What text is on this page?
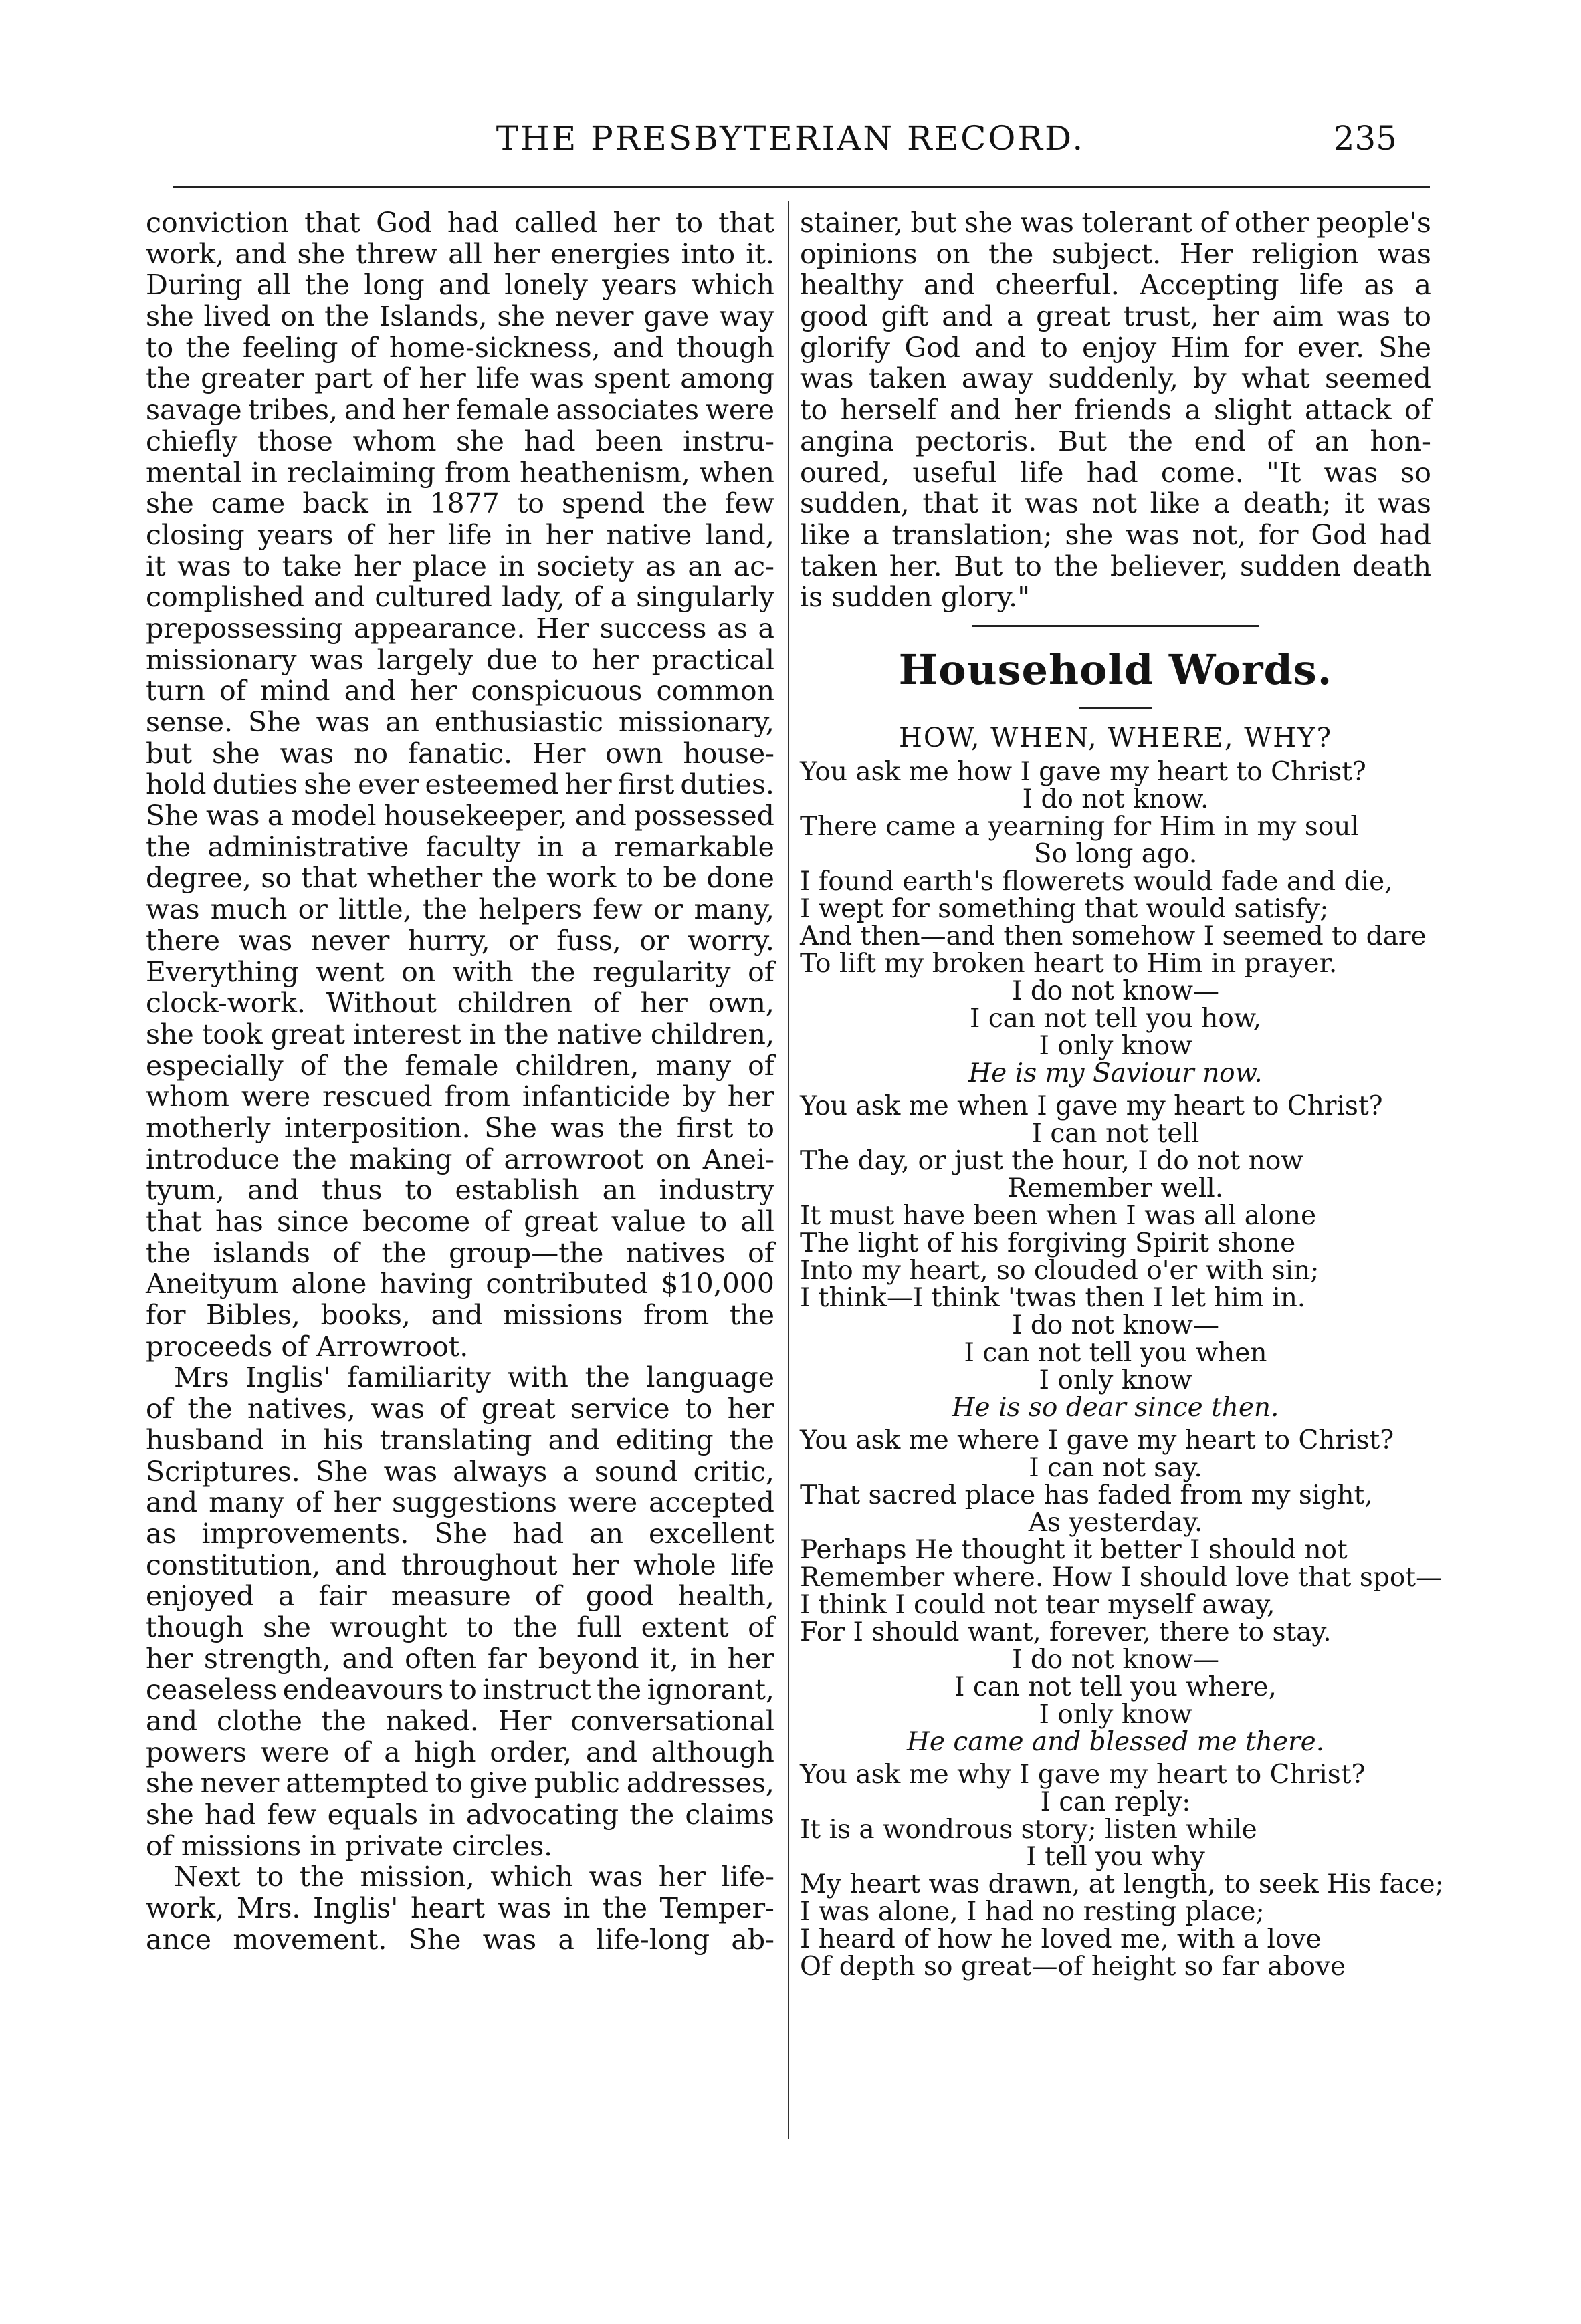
THE PRESBYTERIAN RECORD.	235
conviction that God had called her to that
work, and she threw all her energies into it.
During all the long and lonely years which
she lived on the Islands, she never gave way
to the feeling of home-sickness, and though
the greater part of her life was spent among
savage tribes, and her female associates were
chiefly those whom she had been instru-
mental in reclaiming from heathenism, when
she came back in 1877 to spend the few
closing years of her life in her native land,
it was to take her place in society as an ac-
complished and cultured lady, of a singularly
prepossessing appearance. Her success as a
missionary was largely due to her practical
turn of mind and her conspicuous common
sense. She was an enthusiastic missionary,
but she was no fanatic. Her own house-
hold duties she ever esteemed her first duties.
She was a model housekeeper, and possessed
the administrative faculty in a remarkable
degree, so that whether the work to be done
was much or little, the helpers few or many,
there was never hurry, or fuss, or worry.
Everything went on with the regularity of
clock-work. Without children of her own,
she took great interest in the native children,
especially of the female children, many of
whom were rescued from infanticide by her
motherly interposition. She was the first to
introduce the making of arrowroot on Anei-
tyum, and thus to establish an industry
that has since become of great value to all
the islands of the group—the natives of
Aneityum alone having contributed $10,000
for Bibles, books, and missions from the
proceeds of Arrowroot.
Mrs Inglis' familiarity with the language
of the natives, was of great service to her
husband in his translating and editing the
Scriptures. She was always a sound critic,
and many of her suggestions were accepted
as improvements. She had an excellent
constitution, and throughout her whole life
enjoyed a fair measure of good health,
though she wrought to the full extent of
her strength, and often far beyond it, in her
ceaseless endeavours to instruct the ignorant,
and clothe the naked. Her conversational
powers were of a high order, and although
she never attempted to give public addresses,
she had few equals in advocating the claims
of missions in private circles.
Next to the mission, which was her life-
work, Mrs. Inglis' heart was in the Temper-
ance movement. She was a life-long ab-
stainer, but she was tolerant of other people's
opinions on the subject. Her religion was
healthy and cheerful. Accepting life as a
good gift and a great trust, her aim was to
glorify God and to enjoy Him for ever. She
was taken away suddenly, by what seemed
to herself and her friends a slight attack of
angina pectoris. But the end of an hon-
oured, useful life had come. "It was so
sudden, that it was not like a death; it was
like a translation; she was not, for God had
taken her. But to the believer, sudden death
is sudden glory."
Household Words.
HOW, WHEN, WHERE, WHY?
You ask me how I gave my heart to Christ?
I do not know.
There came a yearning for Him in my soul
So long ago.
I found earth's flowerets would fade and die,
I wept for something that would satisfy;
And then—and then somehow I seemed to dare
To lift my broken heart to Him in prayer.
I do not know—
I can not tell you how,
I only know
He is my Saviour now.
You ask me when I gave my heart to Christ?
I can not tell
The day, or just the hour, I do not now
Remember well.
It must have been when I was all alone
The light of his forgiving Spirit shone
Into my heart, so clouded o'er with sin;
I think—I think 'twas then I let him in.
I do not know—
I can not tell you when
I only know
He is so dear since then.
You ask me where I gave my heart to Christ?
I can not say.
That sacred place has faded from my sight,
As yesterday.
Perhaps He thought it better I should not
Remember where. How I should love that spot—
I think I could not tear myself away,
For I should want, forever, there to stay.
I do not know—
I can not tell you where,
I only know
He came and blessed me there.
You ask me why I gave my heart to Christ?
I can reply:
It is a wondrous story; listen while
I tell you why
My heart was drawn, at length, to seek His face;
I was alone, I had no resting place;
I heard of how he loved me, with a love
Of depth so great—of height so far above
